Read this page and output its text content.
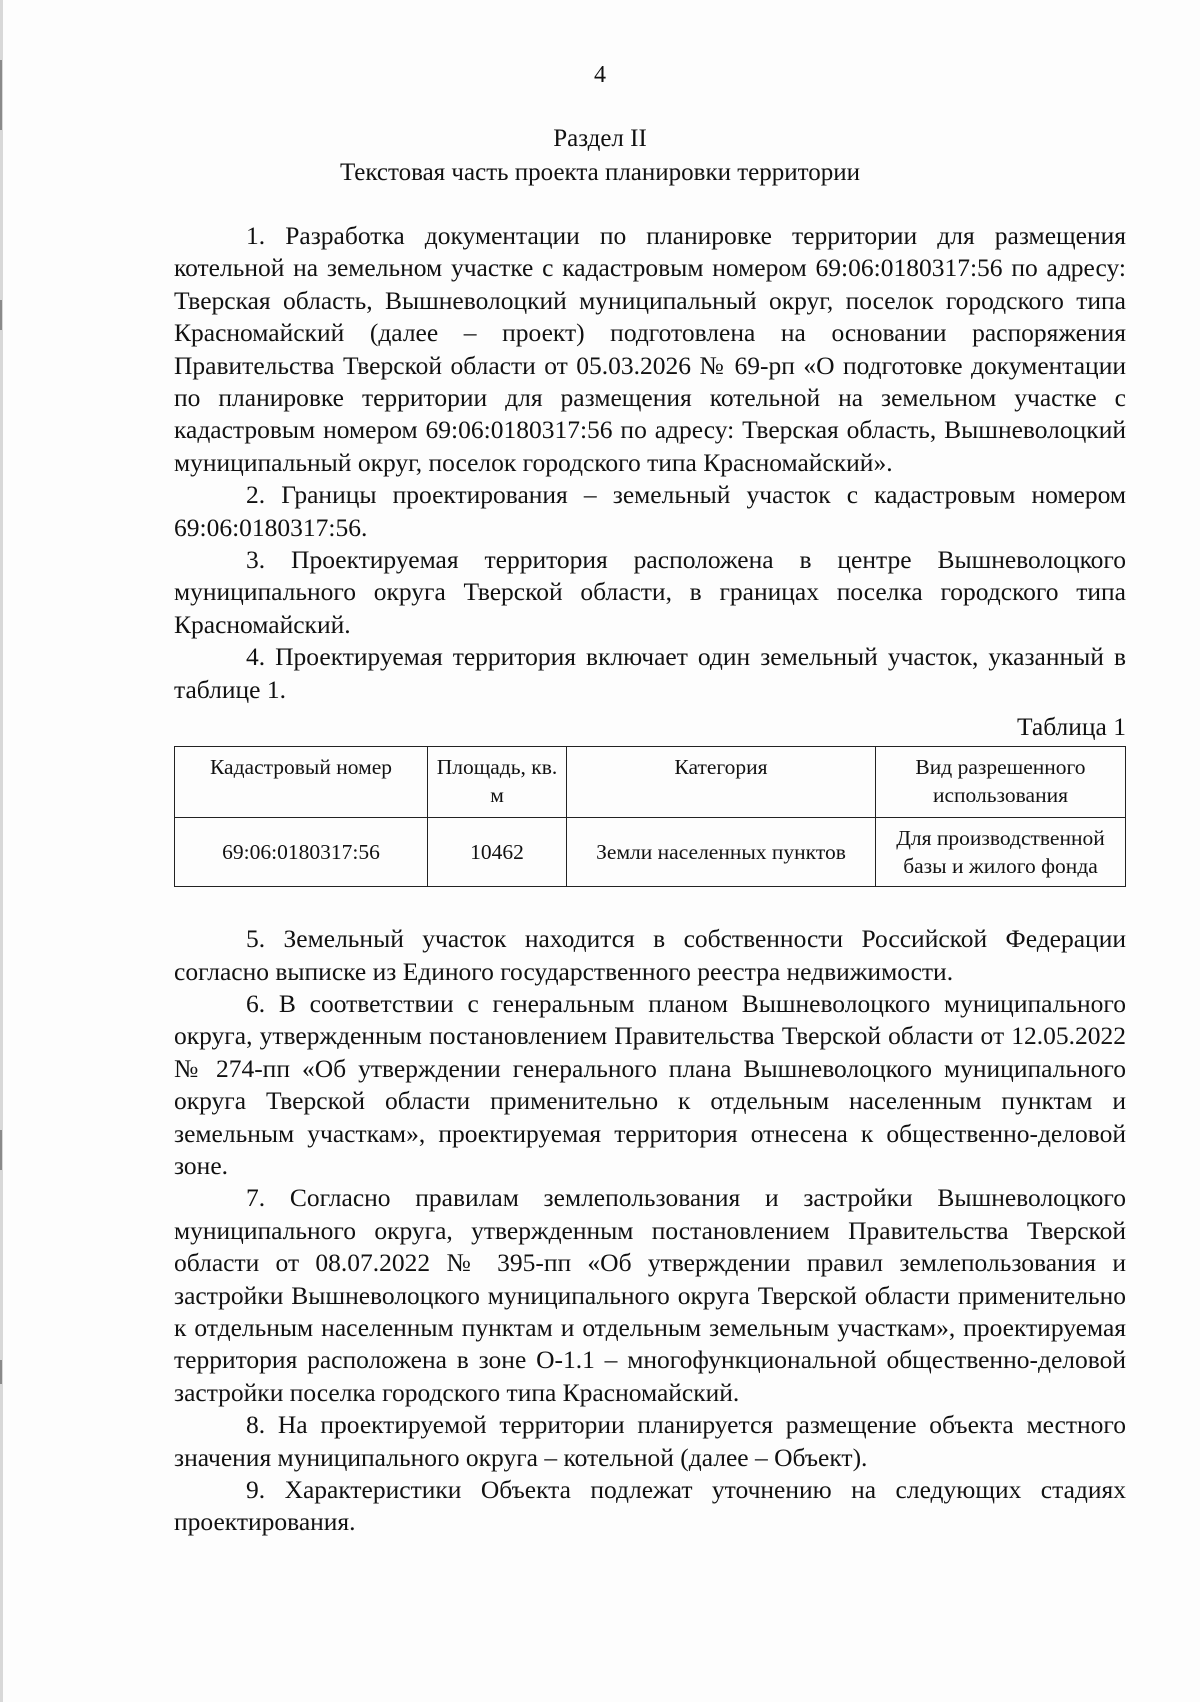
4
Раздел II
Текстовая часть проекта планировки территории

1. Разработка документации по планировке территории для размещения котельной на земельном участке с кадастровым номером 69:06:0180317:56 по адресу: Тверская область, Вышневолоцкий муниципальный округ, поселок городского типа Красномайский (далее – проект) подготовлена на основании распоряжения Правительства Тверской области от 05.03.2026 № 69-рп «О подготовке документации по планировке территории для размещения котельной на земельном участке с кадастровым номером 69:06:0180317:56 по адресу: Тверская область, Вышневолоцкий муниципальный округ, поселок городского типа Красномайский».

2. Границы проектирования – земельный участок с кадастровым номером 69:06:0180317:56.

3. Проектируемая территория расположена в центре Вышневолоцкого муниципального округа Тверской области, в границах поселка городского типа Красномайский.

4. Проектируемая территория включает один земельный участок, указанный в таблице 1.

Таблица 1
Кадастровый номер	Площадь, кв. м	Категория	Вид разрешенного использования
69:06:0180317:56	10462	Земли населенных пунктов	Для производственной базы и жилого фонда

5. Земельный участок находится в собственности Российской Федерации согласно выписке из Единого государственного реестра недвижимости.

6. В соответствии с генеральным планом Вышневолоцкого муниципального округа, утвержденным постановлением Правительства Тверской области от 12.05.2022 № 274-пп «Об утверждении генерального плана Вышневолоцкого муниципального округа Тверской области применительно к отдельным населенным пунктам и земельным участкам», проектируемая территория отнесена к общественно-деловой зоне.

7. Согласно правилам землепользования и застройки Вышневолоцкого муниципального округа, утвержденным постановлением Правительства Тверской области от 08.07.2022 № 395-пп «Об утверждении правил землепользования и застройки Вышневолоцкого муниципального округа Тверской области применительно к отдельным населенным пунктам и отдельным земельным участкам», проектируемая территория расположена в зоне О-1.1 – многофункциональной общественно-деловой застройки поселка городского типа Красномайский.

8. На проектируемой территории планируется размещение объекта местного значения муниципального округа – котельной (далее – Объект).

9. Характеристики Объекта подлежат уточнению на следующих стадиях проектирования.
